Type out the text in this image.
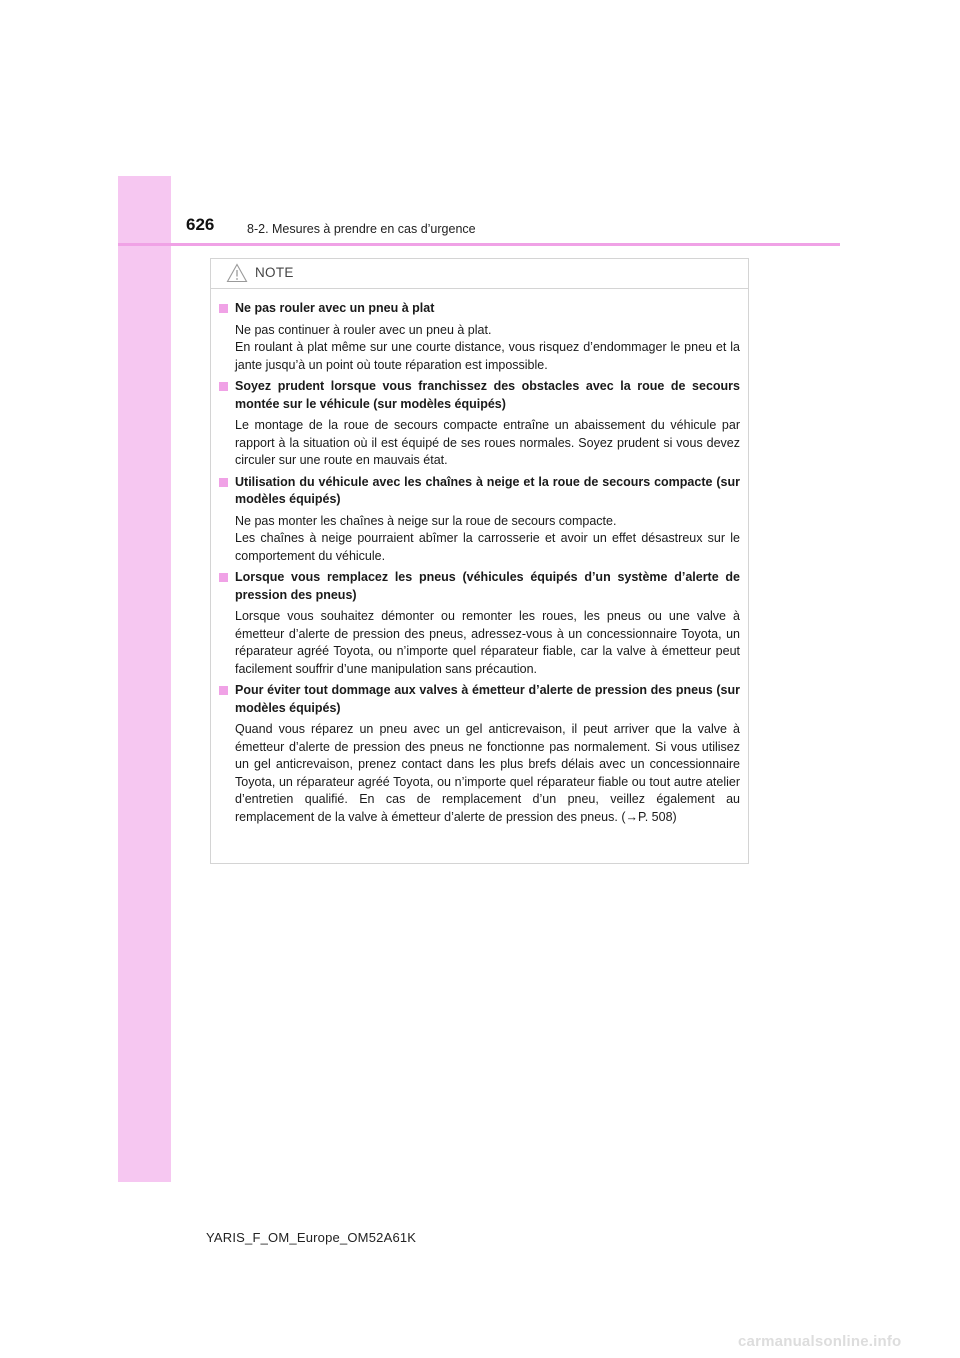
626	8-2. Mesures à prendre en cas d’urgence
NOTE
Ne pas rouler avec un pneu à plat
Ne pas continuer à rouler avec un pneu à plat.
En roulant à plat même sur une courte distance, vous risquez d’endommager le pneu et la jante jusqu’à un point où toute réparation est impossible.
Soyez prudent lorsque vous franchissez des obstacles avec la roue de secours montée sur le véhicule (sur modèles équipés)
Le montage de la roue de secours compacte entraîne un abaissement du véhicule par rapport à la situation où il est équipé de ses roues normales. Soyez prudent si vous devez circuler sur une route en mauvais état.
Utilisation du véhicule avec les chaînes à neige et la roue de secours compacte (sur modèles équipés)
Ne pas monter les chaînes à neige sur la roue de secours compacte.
Les chaînes à neige pourraient abîmer la carrosserie et avoir un effet désastreux sur le comportement du véhicule.
Lorsque vous remplacez les pneus (véhicules équipés d’un système d’alerte de pression des pneus)
Lorsque vous souhaitez démonter ou remonter les roues, les pneus ou une valve à émetteur d’alerte de pression des pneus, adressez-vous à un concessionnaire Toyota, un réparateur agréé Toyota, ou n’importe quel réparateur fiable, car la valve à émetteur peut facilement souffrir d’une manipulation sans précaution.
Pour éviter tout dommage aux valves à émetteur d’alerte de pression des pneus (sur modèles équipés)
Quand vous réparez un pneu avec un gel anticrevaison, il peut arriver que la valve à émetteur d’alerte de pression des pneus ne fonctionne pas normalement. Si vous utilisez un gel anticrevaison, prenez contact dans les plus brefs délais avec un concessionnaire Toyota, un réparateur agréé Toyota, ou n’importe quel réparateur fiable ou tout autre atelier d’entretien qualifié. En cas de remplacement d’un pneu, veillez également au remplacement de la valve à émetteur d’alerte de pression des pneus. (→P. 508)
YARIS_F_OM_Europe_OM52A61K
carmanualsonline.info
